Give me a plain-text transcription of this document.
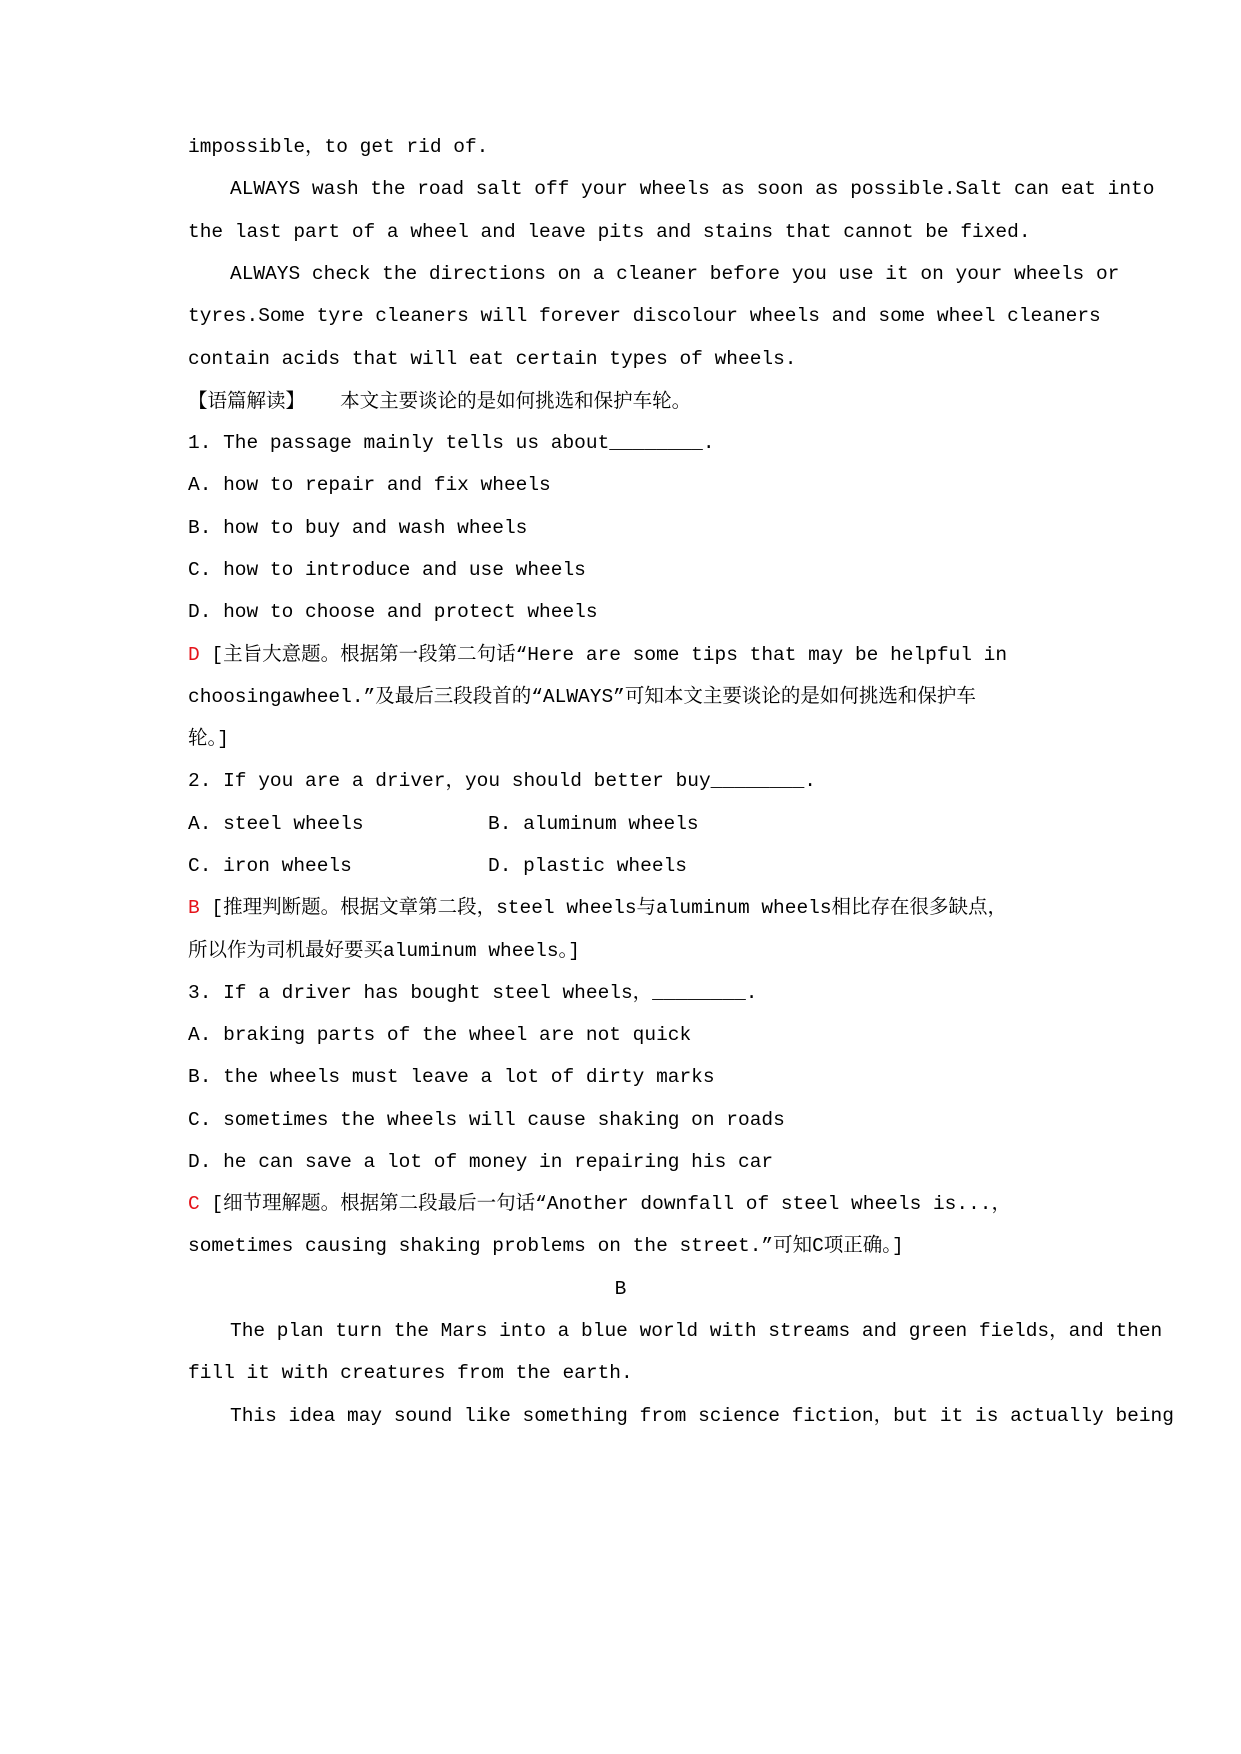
impossible，to get rid of.
ALWAYS wash the road salt off your wheels as soon as possible.Salt can eat into
the last part of a wheel and leave pits and stains that cannot be fixed.
ALWAYS check the directions on a cleaner before you use it on your wheels or
tyres.Some tyre cleaners will forever discolour wheels and some wheel cleaners
contain acids that will eat certain types of wheels.
【语篇解读】 本文主要谈论的是如何挑选和保护车轮。
1. The passage mainly tells us about________.
A. how to repair and fix wheels
B. how to buy and wash wheels
C. how to introduce and use wheels
D. how to choose and protect wheels
D [主旨大意题。根据第一段第二句话“Here are some tips that may be helpful in
choosingawheel.”及最后三段段首的“ALWAYS”可知本文主要谈论的是如何挑选和保护车
轮。]
2. If you are a driver，you should better buy________.
A. steel wheels	B. aluminum wheels
C. iron wheels	D. plastic wheels
B [推理判断题。根据文章第二段，steel wheels与aluminum wheels相比存在很多缺点，
所以作为司机最好要买aluminum wheels。]
3. If a driver has bought steel wheels，________.
A. braking parts of the wheel are not quick
B. the wheels must leave a lot of dirty marks
C. sometimes the wheels will cause shaking on roads
D. he can save a lot of money in repairing his car
C [细节理解题。根据第二段最后一句话“Another downfall of steel wheels is...，
sometimes causing shaking problems on the street.”可知C项正确。]
B
The plan turn the Mars into a blue world with streams and green fields，and then
fill it with creatures from the earth.
This idea may sound like something from science fiction，but it is actually being
